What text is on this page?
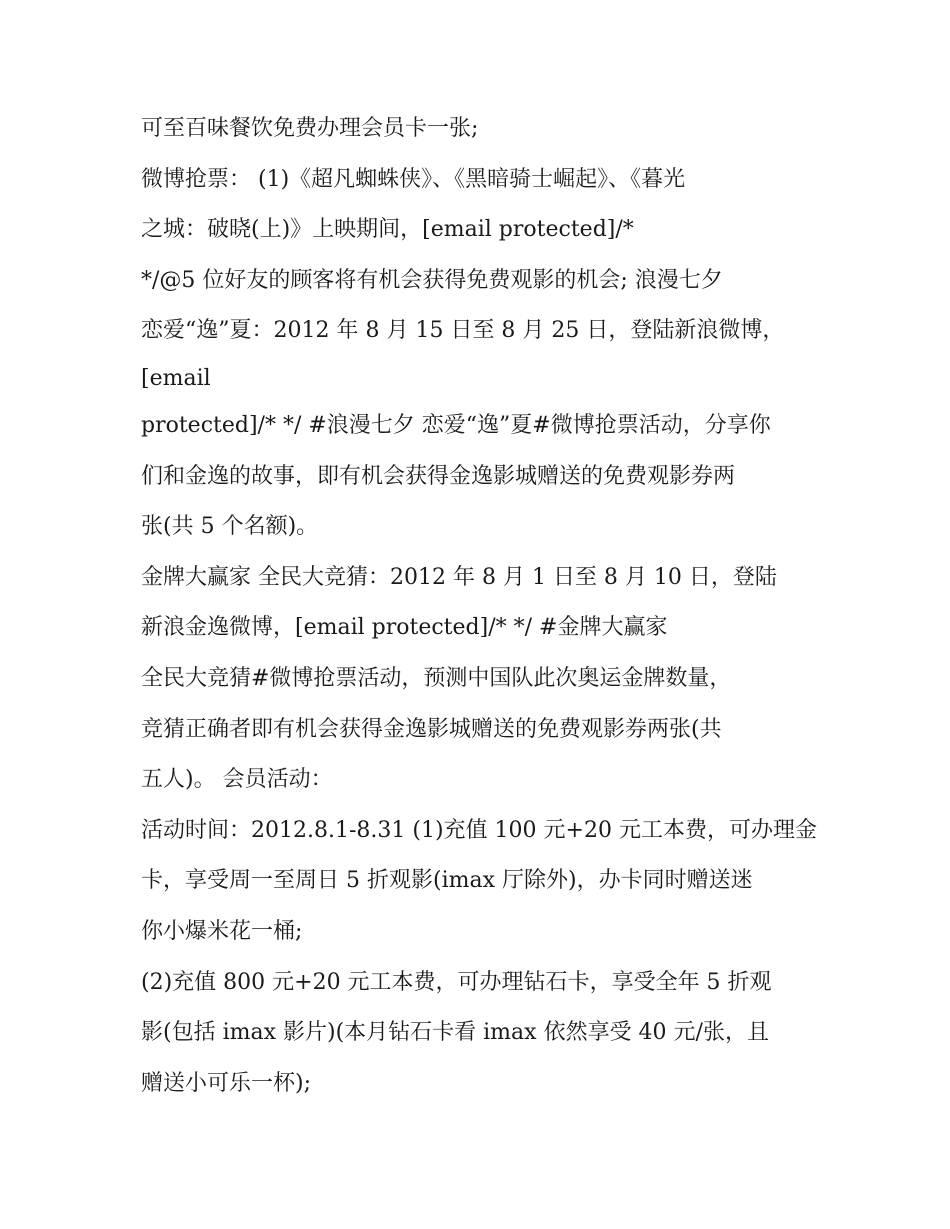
可至百味餐饮免费办理会员卡一张;
微博抢票： (1)《超凡蜘蛛侠》、《黑暗骑士崛起》、《暮光
之城：破晓(上)》上映期间，[email protected]/*
*/@5 位好友的顾客将有机会获得免费观影的机会; 浪漫七夕
恋爱“逸”夏：2012 年 8 月 15 日至 8 月 25 日，登陆新浪微博，
[email
protected]/* */ #浪漫七夕 恋爱“逸”夏#微博抢票活动，分享你
们和金逸的故事，即有机会获得金逸影城赠送的免费观影券两
张(共 5 个名额)。
金牌大赢家 全民大竞猜：2012 年 8 月 1 日至 8 月 10 日，登陆
新浪金逸微博，[email protected]/* */ #金牌大赢家
全民大竞猜#微博抢票活动，预测中国队此次奥运金牌数量，
竞猜正确者即有机会获得金逸影城赠送的免费观影券两张(共
五人)。 会员活动：
活动时间：2012.8.1-8.31 (1)充值 100 元+20 元工本费，可办理金
卡，享受周一至周日 5 折观影(imax 厅除外)，办卡同时赠送迷
你小爆米花一桶;
(2)充值 800 元+20 元工本费，可办理钻石卡，享受全年 5 折观
影(包括 imax 影片)(本月钻石卡看 imax 依然享受 40 元/张，且
赠送小可乐一杯);
